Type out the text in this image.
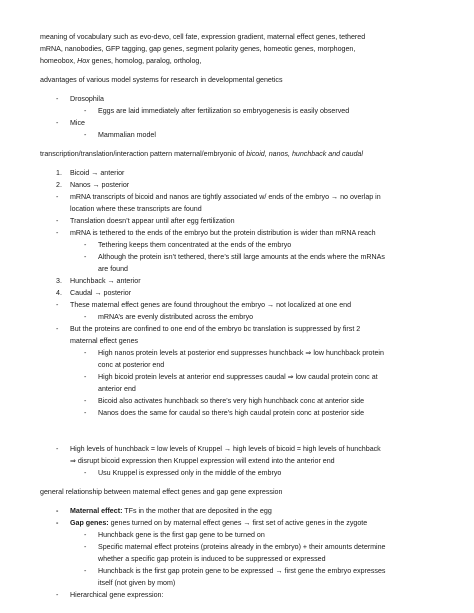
meaning of vocabulary such as evo-devo, cell fate, expression gradient, maternal effect genes, tethered
mRNA, nanobodies, GFP tagging, gap genes, segment polarity genes, homeotic genes, morphogen,
homeobox, Hox genes, homolog, paralog, ortholog,
advantages of various model systems for research in developmental genetics
- Drosophila
- Eggs are laid immediately after fertilization so embryogenesis is easily observed
- Mice
- Mammalian model
transcription/translation/interaction pattern maternal/embryonic of bicoid, nanos, hunchback and caudal
1. Bicoid → anterior
2. Nanos → posterior
- mRNA transcripts of bicoid and nanos are tightly associated w/ ends of the embryo → no overlap in
location where these transcripts are found
- Translation doesn’t appear until after egg fertilization
- mRNA is tethered to the ends of the embryo but the protein distribution is wider than mRNA reach
- Tethering keeps them concentrated at the ends of the embryo
- Although the protein isn’t tethered, there’s still large amounts at the ends where the mRNAs
are found
3. Hunchback → anterior
4. Caudal → posterior
- These maternal effect genes are found throughout the embryo → not localized at one end
- mRNA’s are evenly distributed across the embryo
- But the proteins are confined to one end of the embryo bc translation is suppressed by first 2
maternal effect genes
- High nanos protein levels at posterior end suppresses hunchback ⇒ low hunchback protein
conc at posterior end
- High bicoid protein levels at anterior end suppresses caudal ⇒ low caudal protein conc at
anterior end
- Bicoid also activates hunchback so there’s very high hunchback conc at anterior side
- Nanos does the same for caudal so there’s high caudal protein conc at posterior side
- High levels of hunchback = low levels of Kruppel → high levels of bicoid = high levels of hunchback
⇒ disrupt bicoid expression then Kruppel expression will extend into the anterior end
- Usu Kruppel is expressed only in the middle of the embryo
general relationship between maternal effect genes and gap gene expression
- Maternal effect: TFs in the mother that are deposited in the egg
- Gap genes: genes turned on by maternal effect genes → first set of active genes in the zygote
- Hunchback gene is the first gap gene to be turned on
- Specific maternal effect proteins (proteins already in the embryo) + their amounts determine
whether a specific gap protein is induced to be suppressed or expressed
- Hunchback is the first gap protein gene to be expressed → first gene the embryo expresses
itself (not given by mom)
- Hierarchical gene expression:
